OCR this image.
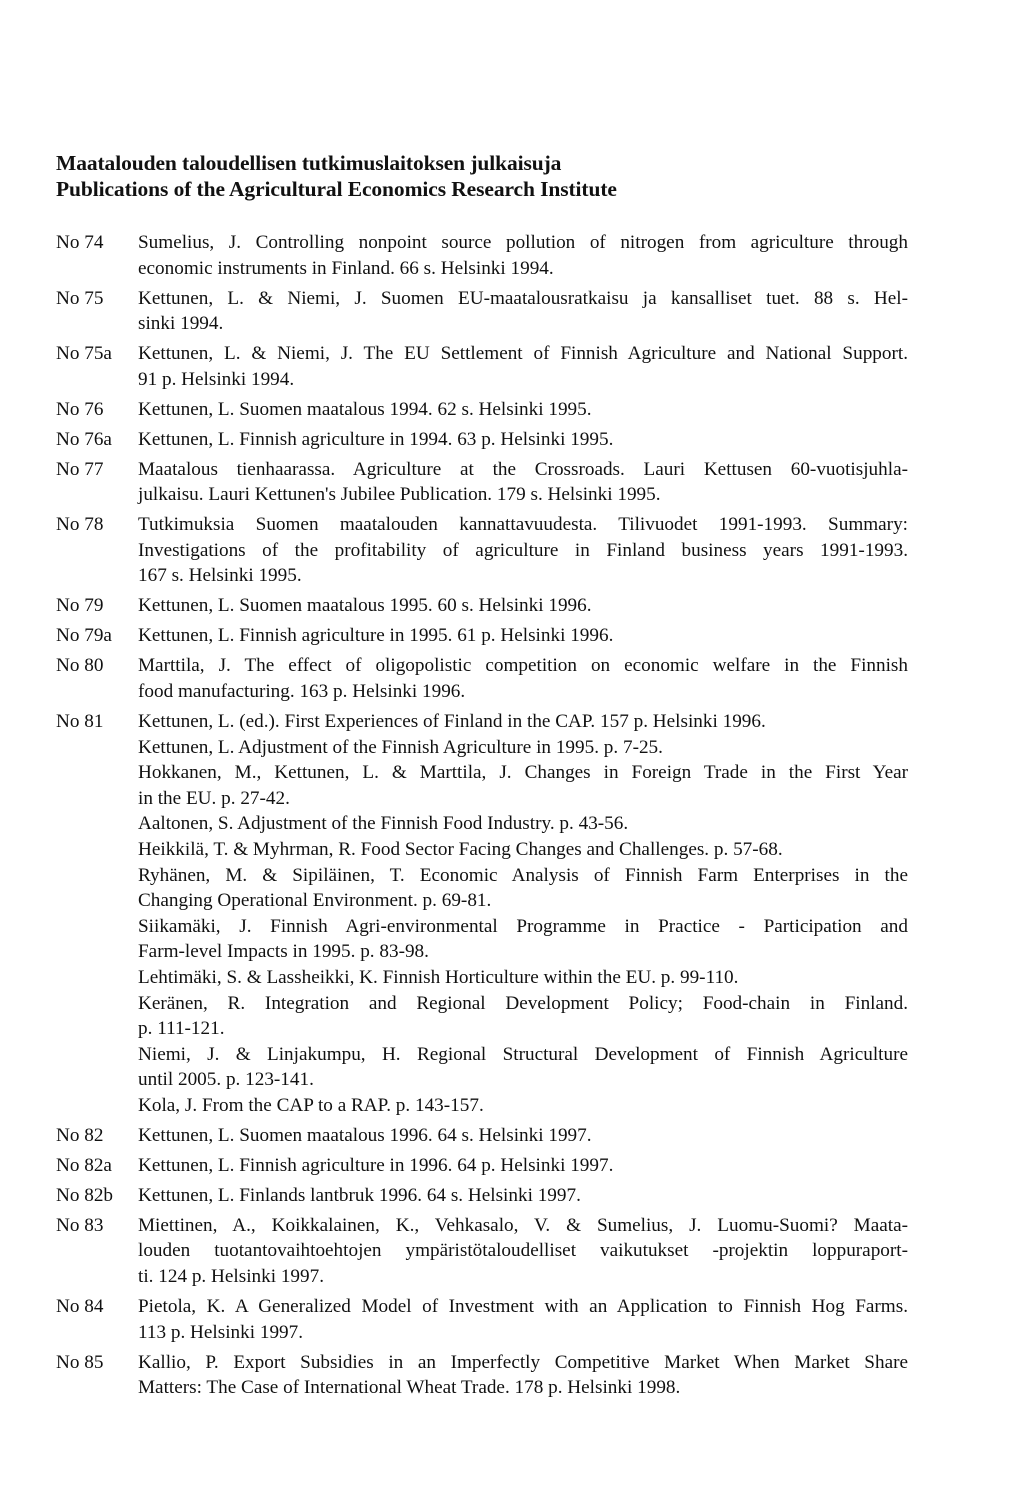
Maatalouden taloudellisen tutkimuslaitoksen julkaisuja
Publications of the Agricultural Economics Research Institute
No 74	Sumelius, J. Controlling nonpoint source pollution of nitrogen from agriculture through
economic instruments in Finland. 66 s. Helsinki 1994.
No 75	Kettunen, L. & Niemi, J. Suomen EU-maatalousratkaisu ja kansalliset tuet. 88 s. Hel-
sinki 1994.
No 75a	Kettunen, L. & Niemi, J. The EU Settlement of Finnish Agriculture and National Support.
91 p. Helsinki 1994.
No 76	Kettunen, L. Suomen maatalous 1994. 62 s. Helsinki 1995.
No 76a	Kettunen, L. Finnish agriculture in 1994. 63 p. Helsinki 1995.
No 77	Maatalous tienhaarassa. Agriculture at the Crossroads. Lauri Kettusen 60-vuotisjuhla-
julkaisu. Lauri Kettunen's Jubilee Publication. 179 s. Helsinki 1995.
No 78	Tutkimuksia Suomen maatalouden kannattavuudesta. Tilivuodet 1991-1993. Summary:
Investigations of the profitability of agriculture in Finland business years 1991-1993.
167 s. Helsinki 1995.
No 79	Kettunen, L. Suomen maatalous 1995. 60 s. Helsinki 1996.
No 79a	Kettunen, L. Finnish agriculture in 1995. 61 p. Helsinki 1996.
No 80	Marttila, J. The effect of oligopolistic competition on economic welfare in the Finnish
food manufacturing. 163 p. Helsinki 1996.
No 81	Kettunen, L. (ed.). First Experiences of Finland in the CAP. 157 p. Helsinki 1996.
Kettunen, L. Adjustment of the Finnish Agriculture in 1995. p. 7-25.
Hokkanen, M., Kettunen, L. & Marttila, J. Changes in Foreign Trade in the First Year
in the EU. p. 27-42.
Aaltonen, S. Adjustment of the Finnish Food Industry. p. 43-56.
Heikkilä, T. & Myhrman, R. Food Sector Facing Changes and Challenges. p. 57-68.
Ryhänen, M. & Sipiläinen, T. Economic Analysis of Finnish Farm Enterprises in the
Changing Operational Environment. p. 69-81.
Siikamäki, J. Finnish Agri-environmental Programme in Practice - Participation and
Farm-level Impacts in 1995. p. 83-98.
Lehtimäki, S. & Lassheikki, K. Finnish Horticulture within the EU. p. 99-110.
Keränen, R. Integration and Regional Development Policy; Food-chain in Finland.
p. 111-121.
Niemi, J. & Linjakumpu, H. Regional Structural Development of Finnish Agriculture
until 2005. p. 123-141.
Kola, J. From the CAP to a RAP. p. 143-157.
No 82	Kettunen, L. Suomen maatalous 1996. 64 s. Helsinki 1997.
No 82a	Kettunen, L. Finnish agriculture in 1996. 64 p. Helsinki 1997.
No 82b	Kettunen, L. Finlands lantbruk 1996. 64 s. Helsinki 1997.
No 83	Miettinen, A., Koikkalainen, K., Vehkasalo, V. & Sumelius, J. Luomu-Suomi? Maata-
louden tuotantovaihtoehtojen ympäristötaloudelliset vaikutukset -projektin loppuraport-
ti. 124 p. Helsinki 1997.
No 84	Pietola, K. A Generalized Model of Investment with an Application to Finnish Hog Farms.
113 p. Helsinki 1997.
No 85	Kallio, P. Export Subsidies in an Imperfectly Competitive Market When Market Share
Matters: The Case of International Wheat Trade. 178 p. Helsinki 1998.
